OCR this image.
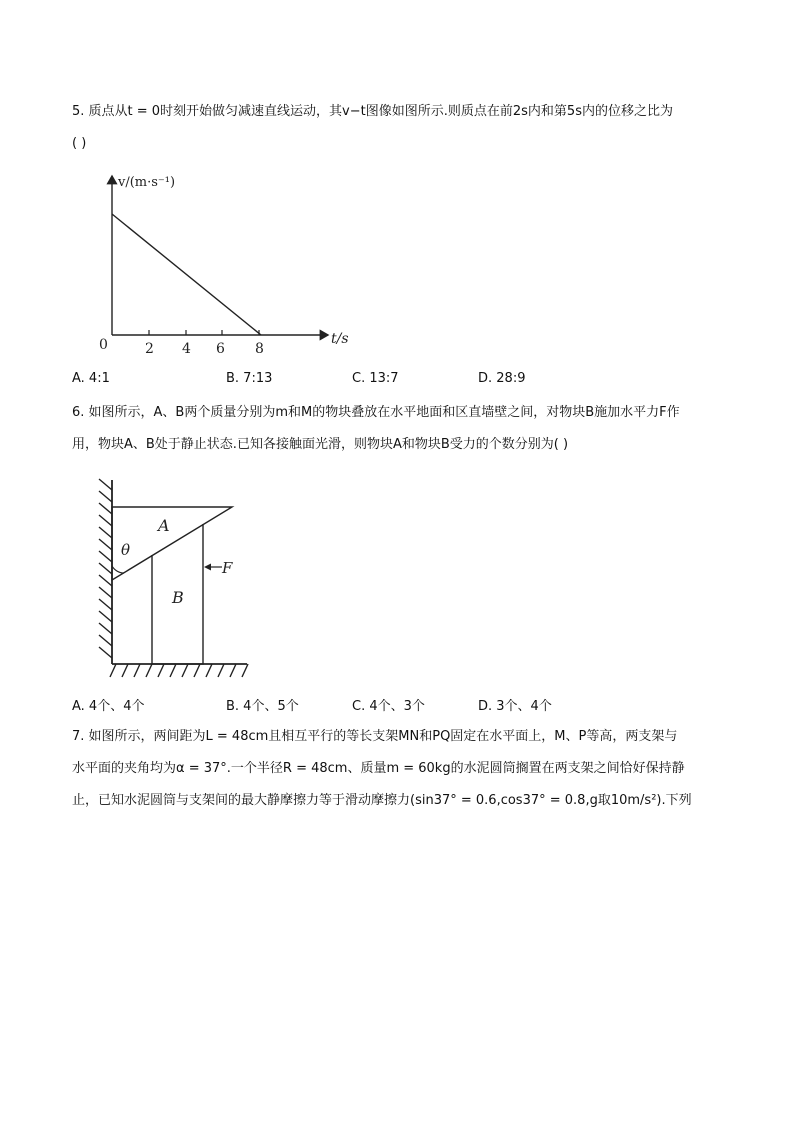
5. 质点从t = 0时刻开始做匀减速直线运动，其v−t图像如图所示.则质点在前2s内和第5s内的位移之比为
( )
v/(m·s⁻¹)
t/s
0	2 4 6 8
A. 4:1	B. 7:13	C. 13:7	D. 28:9
6. 如图所示，A、B两个质量分别为m和M的物块叠放在水平地面和区直墙壁之间，对物块B施加水平力F作
用，物块A、B处于静止状态.已知各接触面光滑，则物块A和物块B受力的个数分别为( )
A
B
θ
F
A. 4个、4个	B. 4个、5个	C. 4个、3个	D. 3个、4个
7. 如图所示，两间距为L = 48cm且相互平行的等长支架MN和PQ固定在水平面上，M、P等高，两支架与
水平面的夹角均为α = 37°.一个半径R = 48cm、质量m = 60kg的水泥圆筒搁置在两支架之间恰好保持静
止，已知水泥圆筒与支架间的最大静摩擦力等于滑动摩擦力(sin37° = 0.6,cos37° = 0.8,g取10m/s²).下列
